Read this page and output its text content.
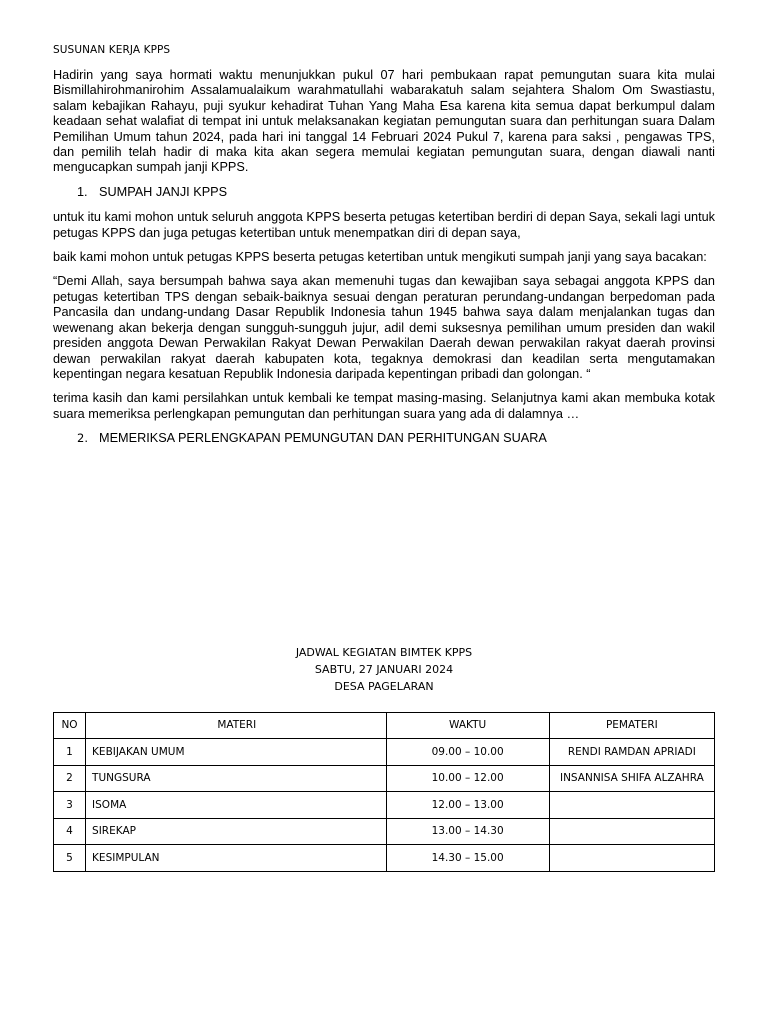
SUSUNAN KERJA KPPS

Hadirin yang saya hormati waktu menunjukkan pukul 07 hari pembukaan rapat pemungutan suara kita mulai Bismillahirohmanirohim Assalamualaikum warahmatullahi wabarakatuh salam sejahtera Shalom Om Swastiastu, salam kebajikan Rahayu, puji syukur kehadirat Tuhan Yang Maha Esa karena kita semua dapat berkumpul dalam keadaan sehat walafiat di tempat ini untuk melaksanakan kegiatan pemungutan suara dan perhitungan suara Dalam Pemilihan Umum tahun 2024, pada hari ini tanggal 14 Februari 2024 Pukul 7, karena para saksi , pengawas TPS, dan pemilih telah hadir di maka kita akan segera memulai kegiatan pemungutan suara, dengan diawali nanti mengucapkan sumpah janji KPPS.

1. SUMPAH JANJI KPPS

untuk itu kami mohon untuk seluruh anggota KPPS beserta petugas ketertiban berdiri di depan Saya, sekali lagi untuk petugas KPPS dan juga petugas ketertiban untuk menempatkan diri di depan saya,

baik kami mohon untuk petugas KPPS beserta petugas ketertiban untuk mengikuti sumpah janji yang saya bacakan:

“Demi Allah, saya bersumpah bahwa saya akan memenuhi tugas dan kewajiban saya sebagai anggota KPPS dan petugas ketertiban TPS dengan sebaik-baiknya sesuai dengan peraturan perundang-undangan berpedoman pada Pancasila dan undang-undang Dasar Republik Indonesia tahun 1945 bahwa saya dalam menjalankan tugas dan wewenang akan bekerja dengan sungguh-sungguh jujur, adil demi suksesnya pemilihan umum presiden dan wakil presiden anggota Dewan Perwakilan Rakyat Dewan Perwakilan Daerah dewan perwakilan rakyat daerah provinsi dewan perwakilan rakyat daerah kabupaten kota, tegaknya demokrasi dan keadilan serta mengutamakan kepentingan negara kesatuan Republik Indonesia daripada kepentingan pribadi dan golongan. “

terima kasih dan kami persilahkan untuk kembali ke tempat masing-masing. Selanjutnya kami akan membuka kotak suara memeriksa perlengkapan pemungutan dan perhitungan suara yang ada di dalamnya …

2. MEMERIKSA PERLENGKAPAN PEMUNGUTAN DAN PERHITUNGAN SUARA
JADWAL KEGIATAN BIMTEK KPPS
SABTU, 27 JANUARI 2024
DESA PAGELARAN
NO	MATERI	WAKTU	PEMATERI
1	KEBIJAKAN UMUM	09.00 – 10.00	RENDI RAMDAN APRIADI
2	TUNGSURA	10.00 – 12.00	INSANNISA SHIFA ALZAHRA
3	ISOMA	12.00 – 13.00	
4	SIREKAP	13.00 – 14.30	
5	KESIMPULAN	14.30 – 15.00	
